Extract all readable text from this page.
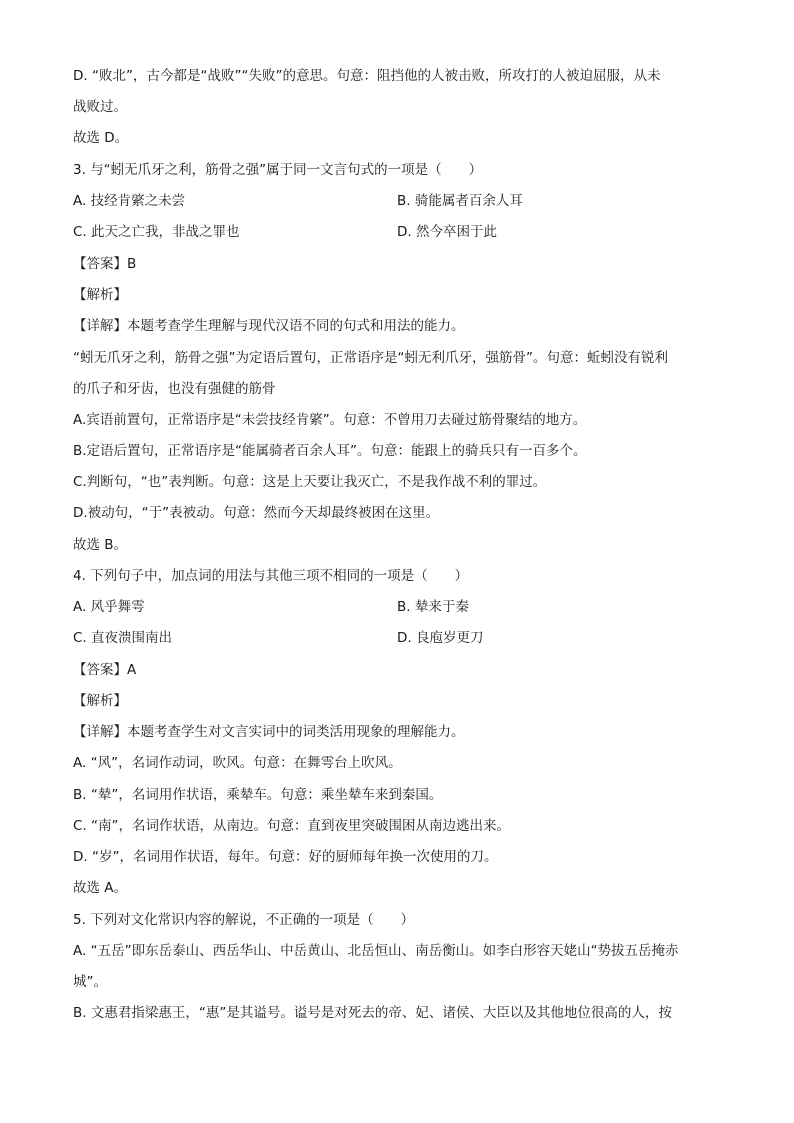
D. “败北”，古今都是“战败”“失败”的意思。句意：阻挡他的人被击败，所攻打的人被迫屈服，从未
战败过。
故选 D。
3. 与“蚓无爪牙之利，筋骨之强”属于同一文言句式的一项是（　　）
A. 技经肯綮之未尝	B. 骑能属者百余人耳
C. 此天之亡我，非战之罪也	D. 然今卒困于此
【答案】B
【解析】
【详解】本题考查学生理解与现代汉语不同的句式和用法的能力。
“蚓无爪牙之利，筋骨之强”为定语后置句，正常语序是“蚓无利爪牙，强筋骨”。句意：蚯蚓没有锐利
的爪子和牙齿，也没有强健的筋骨
A.宾语前置句，正常语序是“未尝技经肯綮”。句意：不曾用刀去碰过筋骨聚结的地方。
B.定语后置句，正常语序是“能属骑者百余人耳”。句意：能跟上的骑兵只有一百多个。
C.判断句，“也”表判断。句意：这是上天要让我灭亡，不是我作战不利的罪过。
D.被动句，“于”表被动。句意：然而今天却最终被困在这里。
故选 B。
4. 下列句子中，加点词的用法与其他三项不相同的一项是（　　）
A. 风乎舞雩	B. 辇来于秦
C. 直夜溃围南出	D. 良庖岁更刀
【答案】A
【解析】
【详解】本题考查学生对文言实词中的词类活用现象的理解能力。
A. “风”，名词作动词，吹风。句意：在舞雩台上吹风。
B. “辇”，名词用作状语，乘辇车。句意：乘坐辇车来到秦国。
C. “南”，名词作状语，从南边。句意：直到夜里突破围困从南边逃出来。
D. “岁”，名词用作状语，每年。句意：好的厨师每年换一次使用的刀。
故选 A。
5. 下列对文化常识内容的解说，不正确的一项是（　　）
A. “五岳”即东岳泰山、西岳华山、中岳黄山、北岳恒山、南岳衡山。如李白形容天姥山“势拔五岳掩赤
城”。
B. 文惠君指梁惠王，“惠”是其谥号。谥号是对死去的帝、妃、诸侯、大臣以及其他地位很高的人，按
